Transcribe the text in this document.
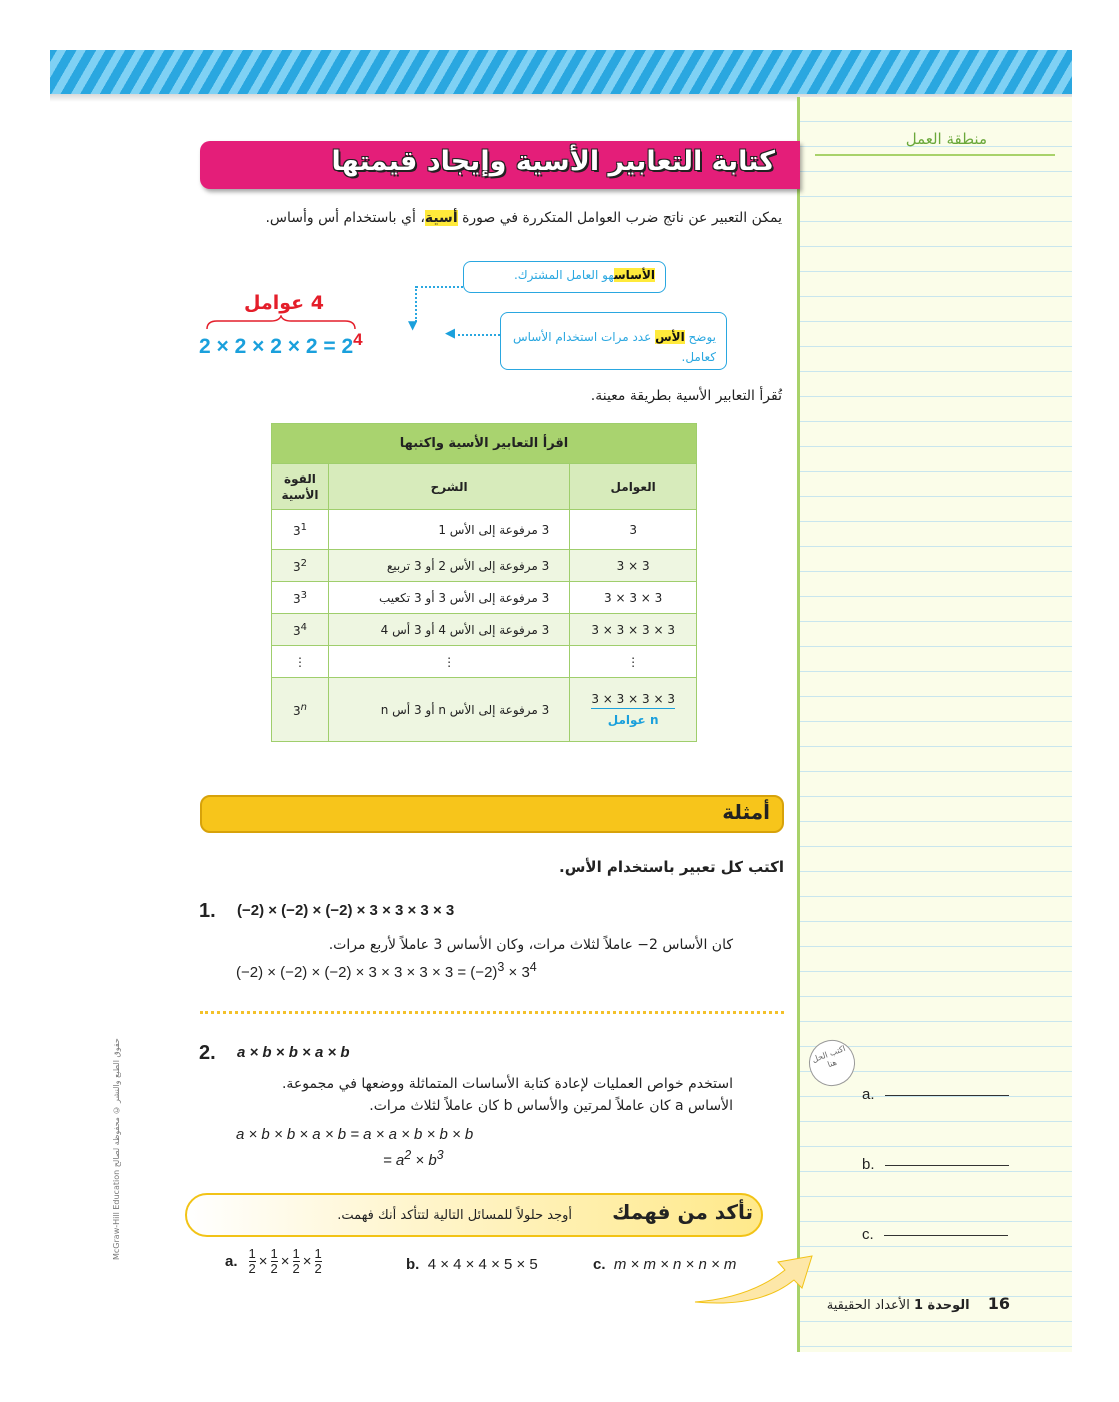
منطقة العمل
اكتب الحل هنا
a.
b.
c.
كتابة التعابير الأسية وإيجاد قيمتها

يمكن التعبير عن ناتج ضرب العوامل المتكررة في صورة أسية، أي باستخدام أس وأساس.

4 عوامل
$2 \times 2 \times 2 \times 2 = 2^4$
الأساسهو العامل المشترك.
▼
يوضح الأس عدد مرات استخدام الأساس كعامل.
◀

تُقرأ التعابير الأسية بطريقة معينة.

اقرأ التعابير الأسية واكتبها		
العوامل	الشرح	القوة الأسية
3	3 مرفوعة إلى الأس 1	$3^1$
3 × 3	3 مرفوعة إلى الأس 2 أو 3 تربيع	$3^2$
3 × 3 × 3	3 مرفوعة إلى الأس 3 أو 3 تكعيب	$3^3$
3 × 3 × 3 × 3	3 مرفوعة إلى الأس 4 أو 3 أس 4	$3^4$
⋮	⋮	⋮
3 × 3 × 3 × 3
n عوامل	3 مرفوعة إلى الأس n أو 3 أس n	3$^n$
أمثلة
اكتب كل تعبير باستخدام الأس.
1. (−2) × (−2) × (−2) × 3 × 3 × 3 × 3
كان الأساس 2− عاملاً لثلاث مرات، وكان الأساس 3 عاملاً لأربع مرات.
$(-2) \times (-2) \times (-2) \times 3 \times 3 \times 3 \times 3 = (-2)^3 \times 3^4$
2. a × b × b × a × b
استخدم خواص العمليات لإعادة كتابة الأساسات المتماثلة ووضعها في مجموعة.
الأساس a كان عاملاً لمرتين والأساس b كان عاملاً لثلاث مرات.
a × b × b × a × b = a × a × b × b × b
= $a^2 \times b^3$
تأكد من فهمك
أوجد حلولاً للمسائل التالية لتتأكد أنك فهمت.
a. $\frac{1}{2} \times \frac{1}{2} \times \frac{1}{2} \times \frac{1}{2}$	b. 4 × 4 × 4 × 5 × 5	c. m × m × n × n × m
16 الوحدة 1 الأعداد الحقيقية
McGraw-Hill Education حقوق الطبع والنشر © محفوظة لصالح
